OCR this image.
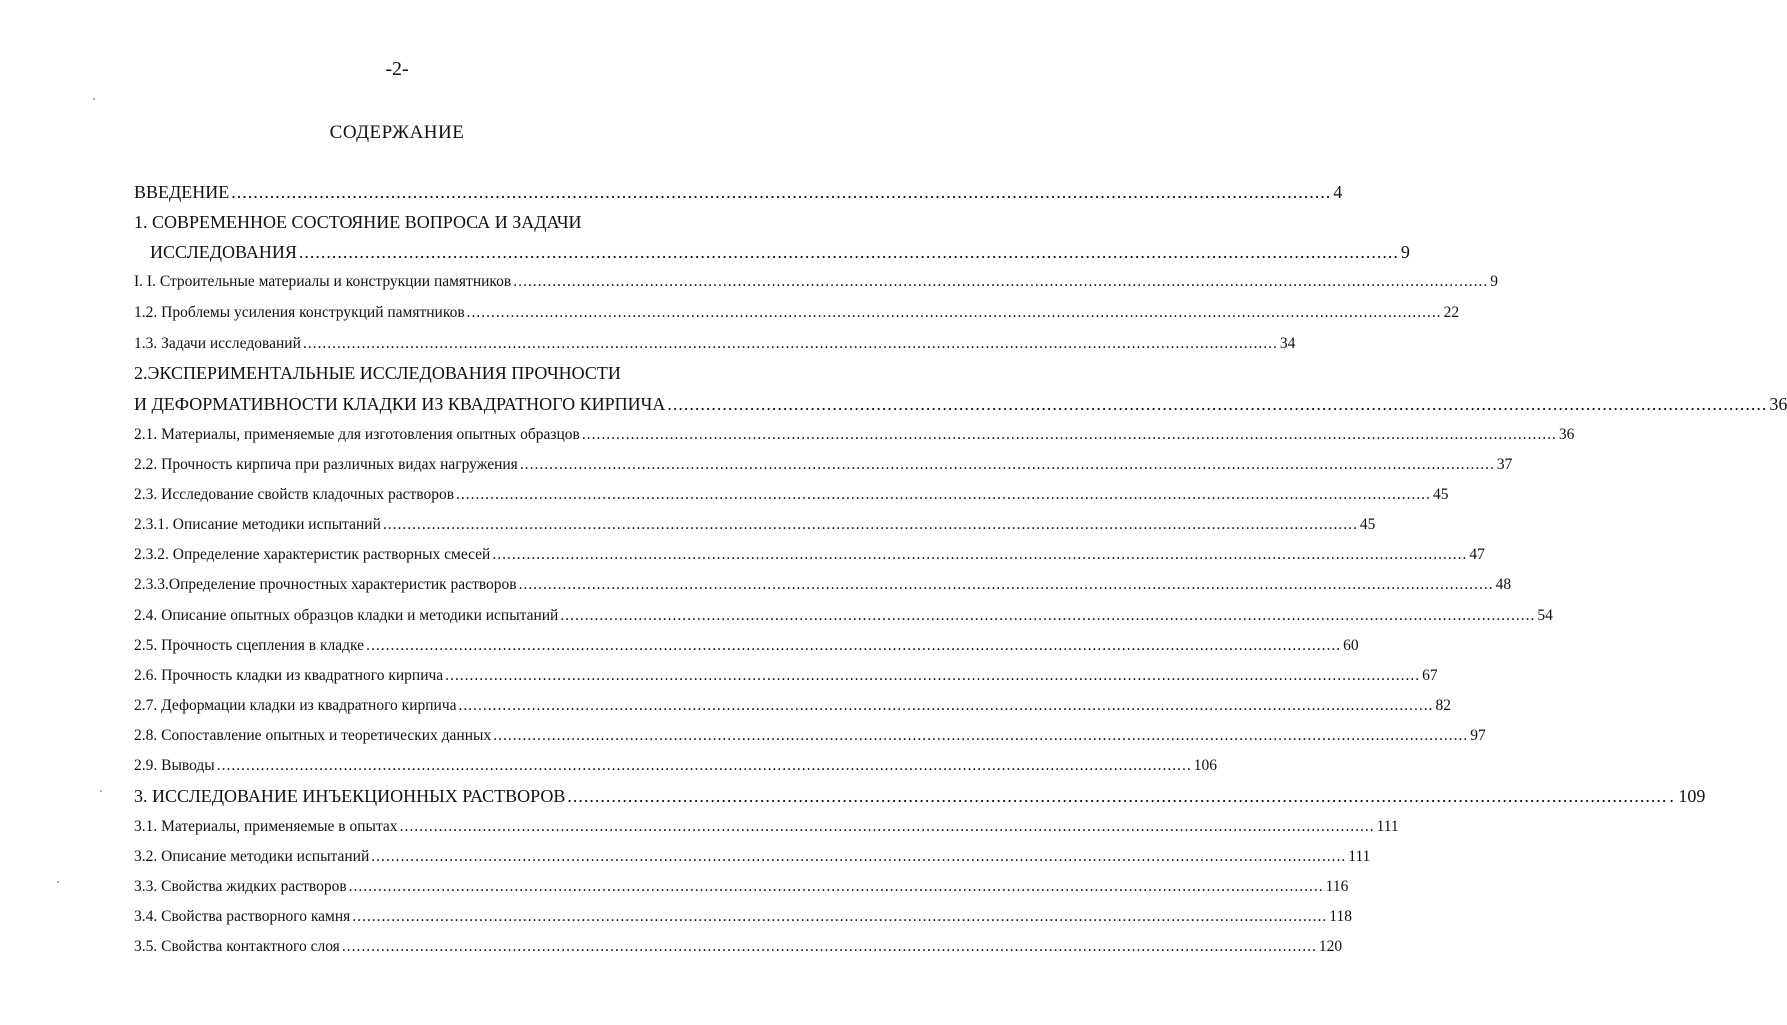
-2-
СОДЕРЖАНИЕ
ВВЕДЕНИЕ ........................................................................................................................................................................................................ 4
1. СОВРЕМЕННОЕ СОСТОЯНИЕ ВОПРОСА И ЗАДАЧИ
ИССЛЕДОВАНИЯ ........................................................................................................................................................................................................ 9
I. I. Строительные материалы и конструкции памятников ........................................................................................................................................................................................................ 9
1.2. Проблемы усиления конструкций памятников ........................................................................................................................................................................................................ 22
1.3. Задачи исследований ........................................................................................................................................................................................................ 34
2.ЭКСПЕРИМЕНТАЛЬНЫЕ ИССЛЕДОВАНИЯ ПРОЧНОСТИ
И ДЕФОРМАТИВНОСТИ КЛАДКИ ИЗ КВАДРАТНОГО КИРПИЧА ........................................................................................................................................................................................................ 36
2.1. Материалы, применяемые для изготовления опытных образцов ........................................................................................................................................................................................................ 36
2.2. Прочность кирпича при различных видах нагружения ........................................................................................................................................................................................................ 37
2.3. Исследование свойств кладочных растворов ........................................................................................................................................................................................................ 45
2.3.1. Описание методики испытаний ........................................................................................................................................................................................................ 45
2.3.2. Определение характеристик растворных смесей ........................................................................................................................................................................................................ 47
2.3.3.Определение прочностных характеристик растворов ........................................................................................................................................................................................................ 48
2.4. Описание опытных образцов кладки и методики испытаний ........................................................................................................................................................................................................ 54
2.5. Прочность сцепления в кладке ........................................................................................................................................................................................................ 60
2.6. Прочность кладки из квадратного кирпича ........................................................................................................................................................................................................ 67
2.7. Деформации кладки из квадратного кирпича ........................................................................................................................................................................................................ 82
2.8. Сопоставление опытных и теоретических данных ........................................................................................................................................................................................................ 97
2.9. Выводы ........................................................................................................................................................................................................ 106
3. ИССЛЕДОВАНИЕ ИНЪЕКЦИОННЫХ РАСТВОРОВ ........................................................................................................................................................................................................ . 109
3.1. Материалы, применяемые в опытах ........................................................................................................................................................................................................ 111
3.2. Описание методики испытаний ........................................................................................................................................................................................................ 111
3.3. Свойства жидких растворов ........................................................................................................................................................................................................ 116
3.4. Свойства растворного камня ........................................................................................................................................................................................................ 118
3.5. Свойства контактного слоя ........................................................................................................................................................................................................ 120
